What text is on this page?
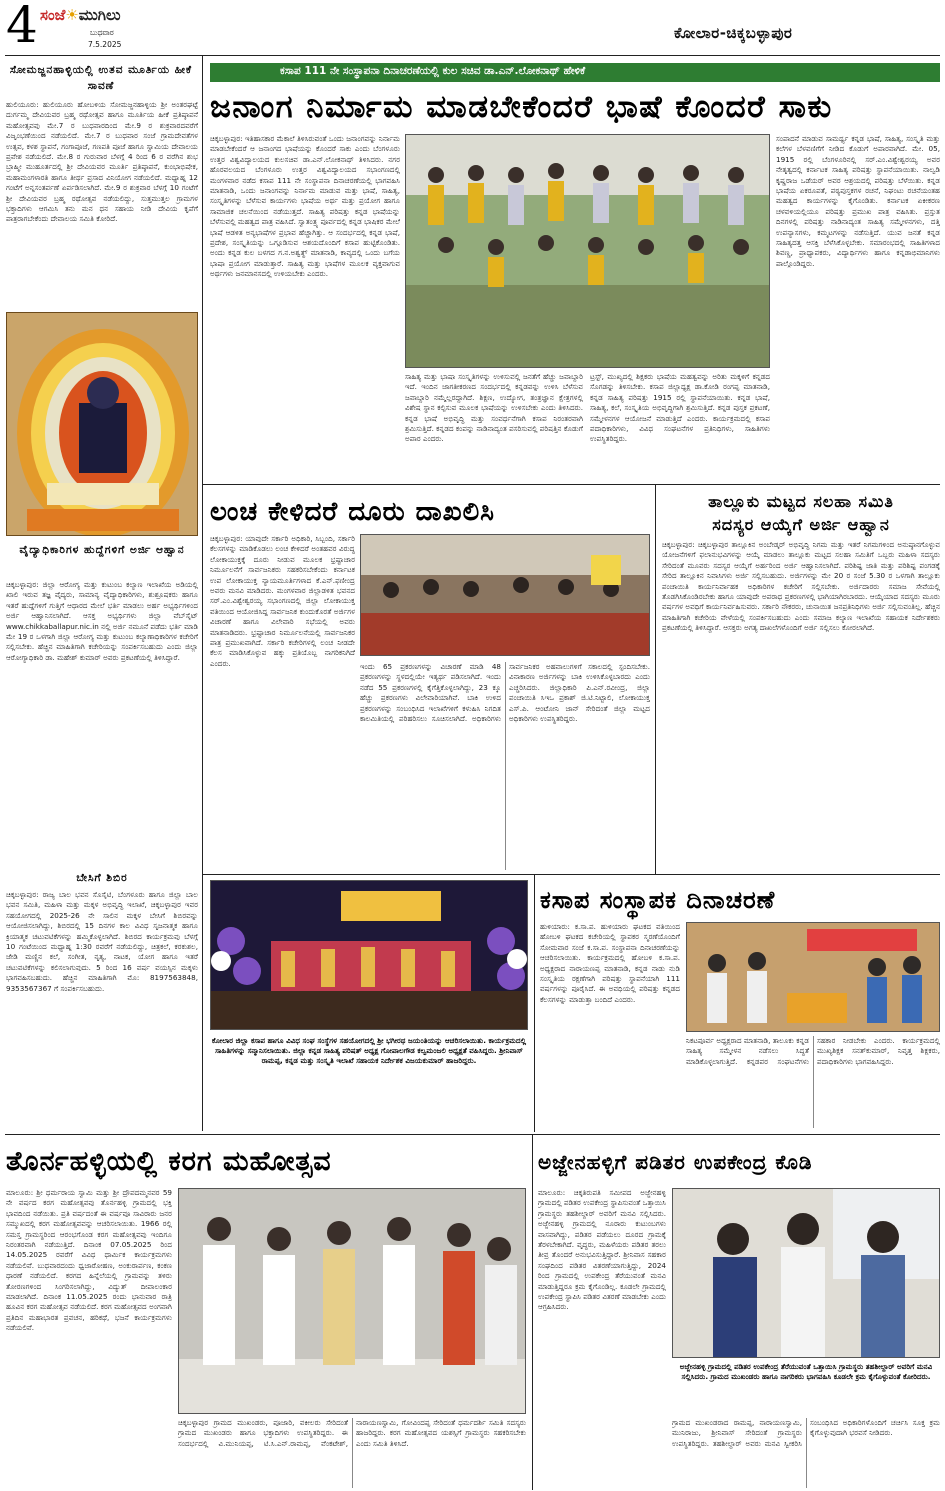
4 ಸಂಜೆ☀ಮುಗಿಲು
ಬುಧವಾರ
7.5.2025
ಕೋಲಾರ-ಚಿಕ್ಕಬಳ್ಳಾಪುರ
ಕಸಾಪ 111 ನೇ ಸಂಸ್ಥಾಪನಾ ದಿನಾಚರಣೆಯಲ್ಲಿ ಕುಲ ಸಚಿವ ಡಾ.ಎನ್.ಲೋಕನಾಥ್ ಹೇಳಿಕೆ
ಸೋಮಜ್ಜನಹಾಳ್ಳಿಯಲ್ಲಿ ಉತವ ಮೂರ್ತಿಯ ಹೀಕೆ ಸಾವಣೆ
ಹುಲಿಯೂರು: ಹುಲಿಯೂರು ಹೋಬಳಿಯ ಸೋಮಜ್ಜನಹಾಳ್ಳಿಯ ಶ್ರೀ ಅಂತರಘಟ್ಟೆ ದುರ್ಗಮ್ಮ ದೇವಿಯವರ ಬ್ರಹ್ಮ ರಥೋತ್ಸವ ಹಾಗೂ ಮೂರ್ತಿಯ ಹೀಕೆ ಪ್ರತಿಷ್ಠಾಪನೆ ಮಹೋತ್ಸವವು ಮೇ.7 ರ ಬುಧವಾರದಿಂದ ಮೇ.9 ರ ಶುಕ್ರವಾರದವರೆಗೆ ವಿಜೃಂಭಣೆಯಿಂದ ನಡೆಯಲಿದೆ. ಮೇ.7 ರ ಬುಧವಾರ ಸಂಜೆ ಗ್ರಾಮದೇವತೆಗಳ ಉತ್ಸವ, ಕಳಶ ಸ್ಥಾಪನೆ, ಗಂಗಾಪೂಜೆ, ಗಣಪತಿ ಪೂಜೆ ಹಾಗೂ ಸ್ವಾಮಿಯ ದೇವಾಲಯ ಪ್ರವೇಶ ನಡೆಯಲಿದೆ. ಮೇ.8 ರ ಗುರುವಾರ ಬೆಳಗ್ಗೆ 4 ರಿಂದ 6 ರ ವರೆಗಿನ ಶುಭ ಬ್ರಾಹ್ಮೀ ಮುಹೂರ್ತದಲ್ಲಿ ಶ್ರೀ ದೇವಿಯವರ ಮೂರ್ತಿ ಪ್ರತಿಷ್ಠಾಪನೆ, ಕುಂಭಾಭಿಷೇಕ, ಮಹಾಮಂಗಳಾರತಿ ಹಾಗೂ ತೀರ್ಥ ಪ್ರಸಾದ ವಿನಿಯೋಗ ನಡೆಯಲಿದೆ. ಮಧ್ಯಾಹ್ನ 12 ಗಂಟೆಗೆ ಅನ್ನಸಂತರ್ಪಣೆ ಏರ್ಪಡಿಸಲಾಗಿದೆ. ಮೇ.9 ರ ಶುಕ್ರವಾರ ಬೆಳಗ್ಗೆ 10 ಗಂಟೆಗೆ ಶ್ರೀ ದೇವಿಯವರ ಬ್ರಹ್ಮ ರಥೋತ್ಸವ ನಡೆಯಲಿದ್ದು, ಸುತ್ತಮುತ್ತಲ ಗ್ರಾಮಗಳ ಭಕ್ತಾದಿಗಳು ಆಗಮಿಸಿ ತನು ಮನ ಧನ ಸಹಾಯ ನೀಡಿ ದೇವಿಯ ಕೃಪೆಗೆ ಪಾತ್ರರಾಗಬೇಕೆಂದು ದೇವಾಲಯ ಸಮಿತಿ ಕೋರಿದೆ.
ವೈದ್ಯಾಧಿಕಾರಿಗಳ ಹುದ್ದೆಗಳಿಗೆ ಅರ್ಜಿ ಆಹ್ವಾನ
ಚಿಕ್ಕಬಳ್ಳಾಪುರ: ಜಿಲ್ಲಾ ಆರೋಗ್ಯ ಮತ್ತು ಕುಟುಂಬ ಕಲ್ಯಾಣ ಇಲಾಖೆಯ ಅಡಿಯಲ್ಲಿ ಖಾಲಿ ಇರುವ ತಜ್ಞ ವೈದ್ಯರು, ಸಾಮಾನ್ಯ ವೈದ್ಯಾಧಿಕಾರಿಗಳು, ಶುಶ್ರೂಷಕರು ಹಾಗೂ ಇತರೆ ಹುದ್ದೆಗಳಿಗೆ ಗುತ್ತಿಗೆ ಆಧಾರದ ಮೇಲೆ ಭರ್ತಿ ಮಾಡಲು ಅರ್ಹ ಅಭ್ಯರ್ಥಿಗಳಿಂದ ಅರ್ಜಿ ಆಹ್ವಾನಿಸಲಾಗಿದೆ. ಆಸಕ್ತ ಅಭ್ಯರ್ಥಿಗಳು ಜಿಲ್ಲಾ ವೆಬ್‌ಸೈಟ್ www.chikkaballapur.nic.in ನಲ್ಲಿ ಅರ್ಜಿ ನಮೂನೆ ಪಡೆದು ಭರ್ತಿ ಮಾಡಿ ಮೇ 19 ರ ಒಳಗಾಗಿ ಜಿಲ್ಲಾ ಆರೋಗ್ಯ ಮತ್ತು ಕುಟುಂಬ ಕಲ್ಯಾಣಾಧಿಕಾರಿಗಳ ಕಚೇರಿಗೆ ಸಲ್ಲಿಸಬೇಕು. ಹೆಚ್ಚಿನ ಮಾಹಿತಿಗಾಗಿ ಕಚೇರಿಯನ್ನು ಸಂಪರ್ಕಿಸಬಹುದು ಎಂದು ಜಿಲ್ಲಾ ಆರೋಗ್ಯಾಧಿಕಾರಿ ಡಾ. ಮಹೇಶ್ ಕುಮಾರ್ ಅವರು ಪ್ರಕಟಣೆಯಲ್ಲಿ ತಿಳಿಸಿದ್ದಾರೆ.
ಬೇಸಿಗೆ ಶಿಬಿರ
ಚಿಕ್ಕಬಳ್ಳಾಪುರ: ರಾಜ್ಯ ಬಾಲ ಭವನ ಸೊಸೈಟಿ, ಬೆಂಗಳೂರು ಹಾಗೂ ಜಿಲ್ಲಾ ಬಾಲ ಭವನ ಸಮಿತಿ, ಮಹಿಳಾ ಮತ್ತು ಮಕ್ಕಳ ಅಭಿವೃದ್ಧಿ ಇಲಾಖೆ, ಚಿಕ್ಕಬಳ್ಳಾಪುರ ಇವರ ಸಹಯೋಗದಲ್ಲಿ 2025-26 ನೇ ಸಾಲಿನ ಮಕ್ಕಳ ಬೇಸಿಗೆ ಶಿಬಿರವನ್ನು ಆಯೋಜಿಸಲಾಗಿದ್ದು, ಶಿಬಿರದಲ್ಲಿ 15 ದಿನಗಳ ಕಾಲ ವಿವಿಧ ಸೃಜನಾತ್ಮಕ ಹಾಗೂ ಕ್ರಿಯಾತ್ಮಕ ಚಟುವಟಿಕೆಗಳನ್ನು ಹಮ್ಮಿಕೊಳ್ಳಲಾಗಿದೆ. ಶಿಬಿರದ ಕಾರ್ಯಕ್ರಮವು ಬೆಳಗ್ಗೆ 10 ಗಂಟೆಯಿಂದ ಮಧ್ಯಾಹ್ನ 1:30 ರವರೆಗೆ ನಡೆಯಲಿದ್ದು, ಚಿತ್ರಕಲೆ, ಕರಕುಶಲ, ಜೇಡಿ ಮಣ್ಣಿನ ಕಲೆ, ಸಂಗೀತ, ನೃತ್ಯ, ನಾಟಕ, ಯೋಗ ಹಾಗೂ ಇತರೆ ಚಟುವಟಿಕೆಗಳನ್ನು ಕಲಿಸಲಾಗುವುದು. 5 ರಿಂದ 16 ವರ್ಷ ವಯಸ್ಸಿನ ಮಕ್ಕಳು ಭಾಗವಹಿಸಬಹುದು. ಹೆಚ್ಚಿನ ಮಾಹಿತಿಗಾಗಿ ಮೊ: 8197563848, 9353567367 ಗೆ ಸಂಪರ್ಕಿಸಬಹುದು.
ಜನಾಂಗ ನಿರ್ಮಾಮ ಮಾಡಬೇಕೆಂದರೆ ಭಾಷೆ ಕೊಂದರೆ ಸಾಕು
ಚಿಕ್ಕಬಳ್ಳಾಪುರ: ಇತಿಹಾಸಕಾರ ಮೆಕಾಲೆ ತಿಳಿಸಿರುವಂತೆ ಒಂದು ಜನಾಂಗವನ್ನು ನಿರ್ನಾಮ ಮಾಡಬೇಕೆಂದರೆ ಆ ಜನಾಂಗದ ಭಾಷೆಯನ್ನು ಕೊಂದರೆ ಸಾಕು ಎಂದು ಬೆಂಗಳೂರು ಉತ್ತರ ವಿಶ್ವವಿದ್ಯಾಲಯದ ಕುಲಸಚಿವ ಡಾ.ಎನ್.ಲೋಕನಾಥ್ ತಿಳಿಸಿದರು. ನಗರ ಹೊರವಲಯದ ಬೆಂಗಳೂರು ಉತ್ತರ ವಿಶ್ವವಿದ್ಯಾಲಯದ ಸಭಾಂಗಣದಲ್ಲಿ ಮಂಗಳವಾರ ನಡೆದ ಕಸಾಪ 111 ನೇ ಸಂಸ್ಥಾಪನಾ ದಿನಾಚರಣೆಯಲ್ಲಿ ಭಾಗವಹಿಸಿ ಮಾತನಾಡಿ, ಒಂದು ಜನಾಂಗವನ್ನು ನಿರ್ನಾಮ ಮಾಡುವ ಮತ್ತು ಭಾಷೆ, ಸಾಹಿತ್ಯ, ಸಂಸ್ಕೃತಿಗಳನ್ನು ಬೆಳೆಸುವ ಕಾರ್ಯಗಳು ಭಾಷೆಯ ಅರ್ಥ ಮತ್ತು ಪ್ರಯೋಗ ಹಾಗೂ ಸಾಮಾಜಿಕ ಚಲನೆಯಿಂದ ನಡೆಯುತ್ತದೆ. ಸಾಹಿತ್ಯ ಪರಿಷತ್ತು ಕನ್ನಡ ಭಾಷೆಯನ್ನು ಬೆಳೆಸುವಲ್ಲಿ ಮಹತ್ವದ ಪಾತ್ರ ವಹಿಸಿದೆ. ಸ್ವಾತಂತ್ರ್ಯ ಪೂರ್ವದಲ್ಲಿ ಕನ್ನಡ ಭಾಷಿಕರ ಮೇಲೆ ಭಾಷೆ ಆಡಳಿತ ಅನ್ಯಭಾಷೆಗಳ ಪ್ರಭಾವ ಹೆಚ್ಚಾಗಿತ್ತು. ಆ ಸಂದರ್ಭದಲ್ಲಿ ಕನ್ನಡ ಭಾಷೆ, ಪ್ರದೇಶ, ಸಂಸ್ಕೃತಿಯನ್ನು ಒಗ್ಗೂಡಿಸುವ ಆಶಯದೊಂದಿಗೆ ಕಸಾಪ ಹುಟ್ಟಿಕೊಂಡಿತು. ಅಂದು ಕನ್ನಡ ಕುಲ ಬಳಗದ ಗ.ನ.ಅಶ್ವತ್ಥ್ ಮಾತನಾಡಿ, ಕಾವ್ಯದಲ್ಲಿ ಒಂದು ಬಗೆಯ ಭಾಷಾ ಪ್ರಯೋಗ ಮಾಡುತ್ತಾರೆ. ಸಾಹಿತ್ಯ ಮತ್ತು ಭಾಷೆಗಳ ಮೂಲಕ ವ್ಯಕ್ತವಾಗುವ ಅರ್ಥಗಳು ಜನಮಾನಸದಲ್ಲಿ ಉಳಿಯಬೇಕು ಎಂದರು.
ಸಂಪಾದನೆ ಮಾಡುವ ಸಾಮರ್ಥ್ಯ ಕನ್ನಡ ಭಾಷೆ, ಸಾಹಿತ್ಯ, ಸಂಸ್ಕೃತಿ ಮತ್ತು ಕಲೆಗಳ ಬೆಳವಣಿಗೆಗೆ ನೀಡಿದ ಕೊಡುಗೆ ಅಪಾರವಾಗಿದೆ. ಮೇ. 05, 1915 ರಲ್ಲಿ ಬೆಂಗಳೂರಿನಲ್ಲಿ ಸರ್.ಎಂ.ವಿಶ್ವೇಶ್ವರಯ್ಯ ಅವರ ನೇತೃತ್ವದಲ್ಲಿ ಕರ್ನಾಟಕ ಸಾಹಿತ್ಯ ಪರಿಷತ್ತು ಸ್ಥಾಪನೆಯಾಯಿತು. ನಾಲ್ವಡಿ ಕೃಷ್ಣರಾಜ ಒಡೆಯರ್ ಅವರ ಆಶ್ರಯದಲ್ಲಿ ಪರಿಷತ್ತು ಬೆಳೆಯಿತು. ಕನ್ನಡ ಭಾಷೆಯ ಏಕರೂಪತೆ, ಪಠ್ಯಪುಸ್ತಕಗಳ ರಚನೆ, ನಿಘಂಟು ರಚನೆಯಂತಹ ಮಹತ್ವದ ಕಾರ್ಯಗಳನ್ನು ಕೈಗೊಂಡಿತು. ಕರ್ನಾಟಕ ಏಕೀಕರಣ ಚಳವಳಿಯಲ್ಲಿಯೂ ಪರಿಷತ್ತು ಪ್ರಮುಖ ಪಾತ್ರ ವಹಿಸಿತು. ಪ್ರಸ್ತುತ ದಿನಗಳಲ್ಲಿ ಪರಿಷತ್ತು ನಾಡಿನಾದ್ಯಂತ ಸಾಹಿತ್ಯ ಸಮ್ಮೇಳನಗಳು, ದತ್ತಿ ಉಪನ್ಯಾಸಗಳು, ಕಮ್ಮಟಗಳನ್ನು ನಡೆಸುತ್ತಿದೆ. ಯುವ ಜನತೆ ಕನ್ನಡ ಸಾಹಿತ್ಯದತ್ತ ಆಸಕ್ತಿ ಬೆಳೆಸಿಕೊಳ್ಳಬೇಕು. ಸಮಾರಂಭದಲ್ಲಿ ಸಾಹಿತಿಗಳಾದ ಶಿವಣ್ಣ, ಪ್ರಾಧ್ಯಾಪಕರು, ವಿದ್ಯಾರ್ಥಿಗಳು ಹಾಗೂ ಕನ್ನಡಾಭಿಮಾನಿಗಳು ಪಾಲ್ಗೊಂಡಿದ್ದರು.
ಸಾಹಿತ್ಯ ಮತ್ತು ಭಾಷಾ ಸಂಸ್ಕೃತಿಗಳನ್ನು ಉಳಿಸುವಲ್ಲಿ ಜನತೆಗೆ ಹೆಚ್ಚು ಜವಾಬ್ದಾರಿ ಇದೆ. ಇಂದಿನ ಜಾಗತೀಕರಣದ ಸಂದರ್ಭದಲ್ಲಿ ಕನ್ನಡವನ್ನು ಉಳಿಸಿ ಬೆಳೆಸುವ ಜವಾಬ್ದಾರಿ ನಮ್ಮೆಲ್ಲರದ್ದಾಗಿದೆ. ಶಿಕ್ಷಣ, ಉದ್ಯೋಗ, ತಂತ್ರಜ್ಞಾನ ಕ್ಷೇತ್ರಗಳಲ್ಲಿ ವಿಶೇಷ ಸ್ಥಾನ ಕಲ್ಪಿಸುವ ಮೂಲಕ ಭಾಷೆಯನ್ನು ಉಳಿಸಬೇಕು ಎಂದು ತಿಳಿಸಿದರು. ಕನ್ನಡ ಭಾಷೆ ಅಭಿವೃದ್ಧಿ ಮತ್ತು ಸಂವರ್ಧನೆಗಾಗಿ ಕಸಾಪ ನಿರಂತರವಾಗಿ ಶ್ರಮಿಸುತ್ತಿದೆ. ಕನ್ನಡದ ಕಂಪನ್ನು ನಾಡಿನಾದ್ಯಂತ ಪಸರಿಸುವಲ್ಲಿ ಪರಿಷತ್ತಿನ ಕೊಡುಗೆ ಅಪಾರ ಎಂದರು.
ಟ್ರಸ್ಟ್, ಮುಖ್ಯದಲ್ಲಿ ಶಿಕ್ಷಕರು ಭಾಷೆಯ ಮಹತ್ವವನ್ನು ಅರಿತು ಮಕ್ಕಳಿಗೆ ಕನ್ನಡದ ಸೊಗಡನ್ನು ತಿಳಿಸಬೇಕು. ಕಸಾಪ ಜಿಲ್ಲಾಧ್ಯಕ್ಷ ಡಾ.ಕೋಡಿ ರಂಗಪ್ಪ ಮಾತನಾಡಿ, ಕನ್ನಡ ಸಾಹಿತ್ಯ ಪರಿಷತ್ತು 1915 ರಲ್ಲಿ ಸ್ಥಾಪನೆಯಾಯಿತು. ಕನ್ನಡ ಭಾಷೆ, ಸಾಹಿತ್ಯ, ಕಲೆ, ಸಂಸ್ಕೃತಿಯ ಅಭಿವೃದ್ಧಿಗಾಗಿ ಶ್ರಮಿಸುತ್ತಿದೆ. ಕನ್ನಡ ಪುಸ್ತಕ ಪ್ರಕಟಣೆ, ಸಮ್ಮೇಳನಗಳ ಆಯೋಜನೆ ಮಾಡುತ್ತಿದೆ ಎಂದರು. ಕಾರ್ಯಕ್ರಮದಲ್ಲಿ ಕಸಾಪ ಪದಾಧಿಕಾರಿಗಳು, ವಿವಿಧ ಸಂಘಟನೆಗಳ ಪ್ರತಿನಿಧಿಗಳು, ಸಾಹಿತಿಗಳು ಉಪಸ್ಥಿತರಿದ್ದರು.
ಲಂಚ ಕೇಳಿದರೆ ದೂರು ದಾಖಲಿಸಿ
ಚಿಕ್ಕಬಳ್ಳಾಪುರ: ಯಾವುದೇ ಸರ್ಕಾರಿ ಅಧಿಕಾರಿ, ಸಿಬ್ಬಂದಿ, ಸರ್ಕಾರಿ ಕೆಲಸಗಳನ್ನು ಮಾಡಿಕೊಡಲು ಲಂಚ ಕೇಳಿದರೆ ಅಂತಹವರ ವಿರುದ್ಧ ಲೋಕಾಯುಕ್ತಕ್ಕೆ ದೂರು ನೀಡುವ ಮೂಲಕ ಭ್ರಷ್ಟಾಚಾರ ನಿರ್ಮೂಲನೆಗೆ ಸಾರ್ವಜನಿಕರು ಸಹಕರಿಸಬೇಕೆಂದು ಕರ್ನಾಟಕ ಉಪ ಲೋಕಾಯುಕ್ತ ನ್ಯಾಯಮೂರ್ತಿಗಳಾದ ಕೆ.ಎನ್.ಫಣೀಂದ್ರ ಅವರು ಮನವಿ ಮಾಡಿದರು. ಮಂಗಳವಾರ ಜಿಲ್ಲಾಡಳಿತ ಭವನದ ಸರ್.ಎಂ.ವಿಶ್ವೇಶ್ವರಯ್ಯ ಸಭಾಂಗಣದಲ್ಲಿ ಜಿಲ್ಲಾ ಲೋಕಾಯುಕ್ತ ವತಿಯಿಂದ ಆಯೋಜಿಸಿದ್ದ ಸಾರ್ವಜನಿಕ ಕುಂದುಕೊರತೆ ಅರ್ಜಿಗಳ ವಿಚಾರಣೆ ಹಾಗೂ ವಿಲೇವಾರಿ ಸಭೆಯಲ್ಲಿ ಅವರು ಮಾತನಾಡಿದರು. ಭ್ರಷ್ಟಾಚಾರ ನಿರ್ಮೂಲನೆಯಲ್ಲಿ ಸಾರ್ವಜನಿಕರ ಪಾತ್ರ ಪ್ರಮುಖವಾಗಿದೆ. ಸರ್ಕಾರಿ ಕಚೇರಿಗಳಲ್ಲಿ ಲಂಚ ನೀಡದೇ ಕೆಲಸ ಮಾಡಿಸಿಕೊಳ್ಳುವ ಹಕ್ಕು ಪ್ರತಿಯೊಬ್ಬ ನಾಗರಿಕನಿಗಿದೆ ಎಂದರು.	ಇಂದು 65 ಪ್ರಕರಣಗಳನ್ನು ವಿಚಾರಣೆ ಮಾಡಿ 48 ಪ್ರಕರಣಗಳನ್ನು ಸ್ಥಳದಲ್ಲಿಯೇ ಇತ್ಯರ್ಥ ಪಡಿಸಲಾಗಿದೆ. ಇಂದು ನಡೆದ 55 ಪ್ರಕರಣಗಳಲ್ಲಿ ಕೈಗೆತ್ತಿಕೊಳ್ಳಲಾಗಿದ್ದು, 23 ಕ್ಕೂ ಹೆಚ್ಚು ಪ್ರಕರಣಗಳು ವಿಲೇವಾರಿಯಾಗಿವೆ. ಬಾಕಿ ಉಳಿದ ಪ್ರಕರಣಗಳನ್ನು ಸಂಬಂಧಿಸಿದ ಇಲಾಖೆಗಳಿಗೆ ಕಳುಹಿಸಿ ನಿಗದಿತ ಕಾಲಮಿತಿಯಲ್ಲಿ ಪರಿಹರಿಸಲು ಸೂಚಿಸಲಾಗಿದೆ. ಅಧಿಕಾರಿಗಳು ಸಾರ್ವಜನಿಕರ ಅಹವಾಲುಗಳಿಗೆ ಸಕಾಲದಲ್ಲಿ ಸ್ಪಂದಿಸಬೇಕು. ವಿನಾಕಾರಣ ಅರ್ಜಿಗಳನ್ನು ಬಾಕಿ ಉಳಿಸಿಕೊಳ್ಳಬಾರದು ಎಂದು ಎಚ್ಚರಿಸಿದರು. ಜಿಲ್ಲಾಧಿಕಾರಿ ಪಿ.ಎನ್.ರವೀಂದ್ರ, ಜಿಲ್ಲಾ ಪಂಚಾಯಿತಿ ಸಿಇಒ ಪ್ರಕಾಶ್ ಜಿ.ಟಿ.ನಿಟ್ಟಾಲಿ, ಲೋಕಾಯುಕ್ತ ಎಸ್.ಪಿ. ಆಂಟೋನಿ ಜಾನ್ ಸೇರಿದಂತೆ ಜಿಲ್ಲಾ ಮಟ್ಟದ ಅಧಿಕಾರಿಗಳು ಉಪಸ್ಥಿತರಿದ್ದರು.
ತಾಲ್ಲೂಕು ಮಟ್ಟದ ಸಲಹಾ ಸಮಿತಿ
ಸದಸ್ಯರ ಆಯ್ಕೆಗೆ ಅರ್ಜಿ ಆಹ್ವಾನ
ಚಿಕ್ಕಬಳ್ಳಾಪುರ: ಚಿಕ್ಕಬಳ್ಳಾಪುರ ತಾಲ್ಲೂಕಿನ ಅಂಬೇಡ್ಕರ್ ಅಭಿವೃದ್ಧಿ ನಿಗಮ ಮತ್ತು ಇತರೆ ನಿಗಮಗಳಿಂದ ಅನುಷ್ಠಾನಗೊಳ್ಳುವ ಯೋಜನೆಗಳಿಗೆ ಫಲಾನುಭವಿಗಳನ್ನು ಆಯ್ಕೆ ಮಾಡಲು ತಾಲ್ಲೂಕು ಮಟ್ಟದ ಸಲಹಾ ಸಮಿತಿಗೆ ಒಬ್ಬರು ಮಹಿಳಾ ಸದಸ್ಯರು ಸೇರಿದಂತೆ ಮೂವರು ಸದಸ್ಯರ ಆಯ್ಕೆಗೆ ಅರ್ಹರಿಂದ ಅರ್ಜಿ ಆಹ್ವಾನಿಸಲಾಗಿದೆ. ಪರಿಶಿಷ್ಟ ಜಾತಿ ಮತ್ತು ಪರಿಶಿಷ್ಟ ಪಂಗಡಕ್ಕೆ ಸೇರಿದ ತಾಲ್ಲೂಕಿನ ನಿವಾಸಿಗಳು ಅರ್ಜಿ ಸಲ್ಲಿಸಬಹುದು. ಅರ್ಜಿಗಳನ್ನು ಮೇ 20 ರ ಸಂಜೆ 5.30 ರ ಒಳಗಾಗಿ ತಾಲ್ಲೂಕು ಪಂಚಾಯಿತಿ ಕಾರ್ಯನಿರ್ವಾಹಕ ಅಧಿಕಾರಿಗಳ ಕಚೇರಿಗೆ ಸಲ್ಲಿಸಬೇಕು. ಅರ್ಜಿದಾರರು ಸಮಾಜ ಸೇವೆಯಲ್ಲಿ ತೊಡಗಿಸಿಕೊಂಡಿರಬೇಕು ಹಾಗೂ ಯಾವುದೇ ಅಪರಾಧ ಪ್ರಕರಣಗಳಲ್ಲಿ ಭಾಗಿಯಾಗಿರಬಾರದು. ಆಯ್ಕೆಯಾದ ಸದಸ್ಯರು ಮೂರು ವರ್ಷಗಳ ಅವಧಿಗೆ ಕಾರ್ಯನಿರ್ವಹಿಸುವರು. ಸರ್ಕಾರಿ ನೌಕರರು, ಚುನಾಯಿತ ಜನಪ್ರತಿನಿಧಿಗಳು ಅರ್ಜಿ ಸಲ್ಲಿಸುವಂತಿಲ್ಲ. ಹೆಚ್ಚಿನ ಮಾಹಿತಿಗಾಗಿ ಕಚೇರಿಯ ವೇಳೆಯಲ್ಲಿ ಸಂಪರ್ಕಿಸಬಹುದು ಎಂದು ಸಮಾಜ ಕಲ್ಯಾಣ ಇಲಾಖೆಯ ಸಹಾಯಕ ನಿರ್ದೇಶಕರು ಪ್ರಕಟಣೆಯಲ್ಲಿ ತಿಳಿಸಿದ್ದಾರೆ. ಆಸಕ್ತರು ಅಗತ್ಯ ದಾಖಲೆಗಳೊಂದಿಗೆ ಅರ್ಜಿ ಸಲ್ಲಿಸಲು ಕೋರಲಾಗಿದೆ.
ಕೋಲಾರ ಜಿಲ್ಲಾ ಕಸಾಪ ಹಾಗೂ ವಿವಿಧ ಸಂಘ ಸಂಸ್ಥೆಗಳ ಸಹಯೋಗದಲ್ಲಿ ಶ್ರೀ ಭಗೀರಥ ಜಯಂತಿಯನ್ನು ಆಚರಿಸಲಾಯಿತು. ಕಾರ್ಯಕ್ರಮದಲ್ಲಿ ಸಾಹಿತಿಗಳನ್ನು ಸನ್ಮಾನಿಸಲಾಯಿತು. ಜಿಲ್ಲಾ ಕನ್ನಡ ಸಾಹಿತ್ಯ ಪರಿಷತ್ ಅಧ್ಯಕ್ಷ ಗೋಪಾಲಗೌಡ ಕಲ್ವಮಂಜಲಿ ಅಧ್ಯಕ್ಷತೆ ವಹಿಸಿದ್ದರು. ಶ್ರೀನಿವಾಸ್ ರಾಮಪ್ಪ, ಕನ್ನಡ ಮತ್ತು ಸಂಸ್ಕೃತಿ ಇಲಾಖೆ ಸಹಾಯಕ ನಿರ್ದೇಶಕ ವಿಜಯಕುಮಾರ್ ಹಾಜರಿದ್ದರು.
ಕಸಾಪ ಸಂಸ್ಥಾಪಕ ದಿನಾಚರಣೆ
ಹುಳಿಯಾರು: ಕ.ಸಾ.ಪ. ಹುಳಿಯಾರು ಘಟಕದ ವತಿಯಿಂದ ಹೋಬಳಿ ಘಟಕದ ಕಚೇರಿಯಲ್ಲಿ ಸ್ಥಾಪಕರ ಸ್ಮರಣೆಯೊಂದಿಗೆ ಸೋಮವಾರ ಸಂಜೆ ಕ.ಸಾ.ಪ. ಸಂಸ್ಥಾಪನಾ ದಿನಾಚರಣೆಯನ್ನು ಆಚರಿಸಲಾಯಿತು. ಕಾರ್ಯಕ್ರಮದಲ್ಲಿ ಹೋಬಳಿ ಕ.ಸಾ.ಪ. ಅಧ್ಯಕ್ಷರಾದ ನಾರಾಯಣಪ್ಪ ಮಾತನಾಡಿ, ಕನ್ನಡ ನಾಡು ನುಡಿ ಸಂಸ್ಕೃತಿಯ ರಕ್ಷಣೆಗಾಗಿ ಪರಿಷತ್ತು ಸ್ಥಾಪನೆಯಾಗಿ 111 ವರ್ಷಗಳನ್ನು ಪೂರೈಸಿದೆ. ಈ ಅವಧಿಯಲ್ಲಿ ಪರಿಷತ್ತು ಕನ್ನಡದ ಕೆಲಸಗಳನ್ನು ಮಾಡುತ್ತಾ ಬಂದಿದೆ ಎಂದರು.
ನಿಕಟಪೂರ್ವ ಅಧ್ಯಕ್ಷರಾದ ಮಾತನಾಡಿ, ತಾಲೂಕು ಕನ್ನಡ ಸಾಹಿತ್ಯ ಸಮ್ಮೇಳನ ನಡೆಸಲು ಸಿದ್ಧತೆ ಮಾಡಿಕೊಳ್ಳಲಾಗುತ್ತಿದೆ. ಕನ್ನಡಪರ ಸಂಘಟನೆಗಳು ಸಹಕಾರ ನೀಡಬೇಕು ಎಂದರು. ಕಾರ್ಯಕ್ರಮದಲ್ಲಿ ಮುಖ್ಯಶಿಕ್ಷಕ ಸನತ್‌ಕುಮಾರ್, ನಿವೃತ್ತ ಶಿಕ್ಷಕರು, ಪದಾಧಿಕಾರಿಗಳು ಭಾಗವಹಿಸಿದ್ದರು.
ತೊರ್ನಹಳ್ಳಿಯಲ್ಲಿ ಕರಗ ಮಹೋತ್ಸವ
ಮಾಲೂರು: ಶ್ರೀ ಧರ್ಮರಾಯ ಸ್ವಾಮಿ ಮತ್ತು ಶ್ರೀ ದ್ರೌಪದಮ್ಮನವರ 59 ನೇ ವರ್ಷದ ಕರಗ ಮಹೋತ್ಸವವು ತೊರ್ನಹಳ್ಳಿ ಗ್ರಾಮದಲ್ಲಿ ಭಕ್ತಿ ಭಾವದಿಂದ ನಡೆಯಿತು. ಪ್ರತಿ ವರ್ಷದಂತೆ ಈ ವರ್ಷವೂ ಸಾವಿರಾರು ಜನರ ಸಮ್ಮುಖದಲ್ಲಿ ಕರಗ ಮಹೋತ್ಸವವನ್ನು ಆಚರಿಸಲಾಯಿತು. 1966 ರಲ್ಲಿ ಸಮಸ್ತ ಗ್ರಾಮಸ್ಥರಿಂದ ಆರಂಭಗೊಂಡ ಕರಗ ಮಹೋತ್ಸವವು ಇಂದಿಗೂ ನಿರಂತರವಾಗಿ ನಡೆಯುತ್ತಿದೆ. ದಿನಾಂಕ 07.05.2025 ರಿಂದ 14.05.2025 ರವರೆಗೆ ವಿವಿಧ ಧಾರ್ಮಿಕ ಕಾರ್ಯಕ್ರಮಗಳು ನಡೆಯಲಿವೆ. ಬುಧವಾರದಂದು ಧ್ವಜಾರೋಹಣ, ಅಂಕುರಾರ್ಪಣ, ಕಂಕಣ ಧಾರಣೆ ನಡೆಯಲಿದೆ. ಕರಗದ ಹಿನ್ನೆಲೆಯಲ್ಲಿ ಗ್ರಾಮವನ್ನು ತಳಿರು ತೋರಣಗಳಿಂದ ಸಿಂಗರಿಸಲಾಗಿದ್ದು, ವಿದ್ಯುತ್ ದೀಪಾಲಂಕಾರ ಮಾಡಲಾಗಿದೆ. ದಿನಾಂಕ 11.05.2025 ರಂದು ಭಾನುವಾರ ರಾತ್ರಿ ಹೂವಿನ ಕರಗ ಮಹೋತ್ಸವ ನಡೆಯಲಿದೆ. ಕರಗ ಮಹೋತ್ಸವದ ಅಂಗವಾಗಿ ಪ್ರತಿದಿನ ಮಹಾಭಾರತ ಪ್ರವಚನ, ಹರಿಕಥೆ, ಭಜನೆ ಕಾರ್ಯಕ್ರಮಗಳು ನಡೆಯಲಿವೆ.
ಚಿಕ್ಕಬಳ್ಳಾಪುರ ಗ್ರಾಮದ ಮುಖಂಡರು, ಪೂಜಾರಿ, ವಕೀಲರು ಸೇರಿದಂತೆ ಗ್ರಾಮದ ಮುಖಂಡರು ಹಾಗೂ ಭಕ್ತಾದಿಗಳು ಉಪಸ್ಥಿತರಿದ್ದರು. ಈ ಸಂದರ್ಭದಲ್ಲಿ ವಿ.ಮುನಿಯಪ್ಪ, ಟಿ.ಸಿ.ಎನ್.ರಾಮಪ್ಪ, ವೆಂಕಟೇಶ್, ನಾರಾಯಣಸ್ವಾಮಿ, ಗೋವಿಂದಪ್ಪ ಸೇರಿದಂತೆ ಧರ್ಮದರ್ಶಿ ಸಮಿತಿ ಸದಸ್ಯರು ಹಾಜರಿದ್ದರು. ಕರಗ ಮಹೋತ್ಸವದ ಯಶಸ್ಸಿಗೆ ಗ್ರಾಮಸ್ಥರು ಸಹಕರಿಸಬೇಕು ಎಂದು ಸಮಿತಿ ತಿಳಿಸಿದೆ.
ಅಜ್ಜೇನಹಳ್ಳಿಗೆ ಪಡಿತರ ಉಪಕೇಂದ್ರ ಕೊಡಿ
ಮಾಲೂರು: ಚಿಕ್ಕತಿರುಪತಿ ಸಮೀಪದ ಅಜ್ಜೇನಹಳ್ಳಿ ಗ್ರಾಮದಲ್ಲಿ ಪಡಿತರ ಉಪಕೇಂದ್ರ ಸ್ಥಾಪಿಸುವಂತೆ ಒತ್ತಾಯಿಸಿ ಗ್ರಾಮಸ್ಥರು ತಹಶೀಲ್ದಾರ್ ಅವರಿಗೆ ಮನವಿ ಸಲ್ಲಿಸಿದರು. ಅಜ್ಜೇನಹಳ್ಳಿ ಗ್ರಾಮದಲ್ಲಿ ನೂರಾರು ಕುಟುಂಬಗಳು ವಾಸವಾಗಿದ್ದು, ಪಡಿತರ ಪಡೆಯಲು ದೂರದ ಗ್ರಾಮಕ್ಕೆ ತೆರಳಬೇಕಾಗಿದೆ. ವೃದ್ಧರು, ಮಹಿಳೆಯರು ಪಡಿತರ ತರಲು ತೀವ್ರ ತೊಂದರೆ ಅನುಭವಿಸುತ್ತಿದ್ದಾರೆ. ಶ್ರೀನಿವಾಸ ಸಹಕಾರ ಸಂಘದಿಂದ ಪಡಿತರ ವಿತರಣೆಯಾಗುತ್ತಿದ್ದು, 2024 ರಿಂದ ಗ್ರಾಮದಲ್ಲಿ ಉಪಕೇಂದ್ರ ತೆರೆಯುವಂತೆ ಮನವಿ ಮಾಡುತ್ತಿದ್ದರೂ ಕ್ರಮ ಕೈಗೊಂಡಿಲ್ಲ. ಕೂಡಲೇ ಗ್ರಾಮದಲ್ಲಿ ಉಪಕೇಂದ್ರ ಸ್ಥಾಪಿಸಿ ಪಡಿತರ ವಿತರಣೆ ಮಾಡಬೇಕು ಎಂದು ಆಗ್ರಹಿಸಿದರು.
ಅಜ್ಜೇನಹಳ್ಳಿ ಗ್ರಾಮದಲ್ಲಿ ಪಡಿತರ ಉಪಕೇಂದ್ರ ತೆರೆಯುವಂತೆ ಒತ್ತಾಯಿಸಿ ಗ್ರಾಮಸ್ಥರು ತಹಶೀಲ್ದಾರ್ ಅವರಿಗೆ ಮನವಿ ಸಲ್ಲಿಸಿದರು. ಗ್ರಾಮದ ಮುಖಂಡರು ಹಾಗೂ ನಾಗರಿಕರು ಭಾಗವಹಿಸಿ ಕೂಡಲೇ ಕ್ರಮ ಕೈಗೊಳ್ಳುವಂತೆ ಕೋರಿದರು.
ಗ್ರಾಮದ ಮುಖಂಡರಾದ ರಾಮಪ್ಪ, ನಾರಾಯಣಸ್ವಾಮಿ, ಮುನಿರಾಜು, ಶ್ರೀನಿವಾಸ್ ಸೇರಿದಂತೆ ಗ್ರಾಮಸ್ಥರು ಉಪಸ್ಥಿತರಿದ್ದರು. ತಹಶೀಲ್ದಾರ್ ಅವರು ಮನವಿ ಸ್ವೀಕರಿಸಿ ಸಂಬಂಧಿಸಿದ ಅಧಿಕಾರಿಗಳೊಂದಿಗೆ ಚರ್ಚಿಸಿ ಸೂಕ್ತ ಕ್ರಮ ಕೈಗೊಳ್ಳುವುದಾಗಿ ಭರವಸೆ ನೀಡಿದರು.
